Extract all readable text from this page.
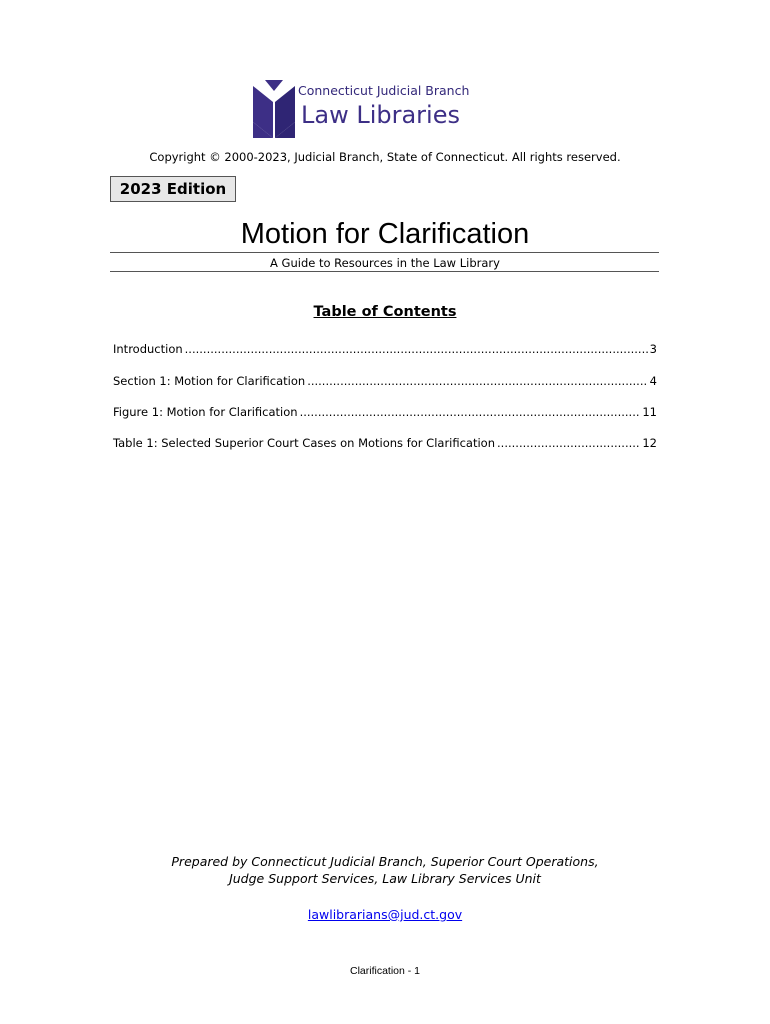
Connecticut Judicial Branch
Law Libraries
Copyright © 2000-2023, Judicial Branch, State of Connecticut. All rights reserved.
2023 Edition
Motion for Clarification
A Guide to Resources in the Law Library
Table of Contents
Introduction .....	3
Section 1: Motion for Clarification .....	4
Figure 1: Motion for Clarification .....	11
Table 1: Selected Superior Court Cases on Motions for Clarification .....	12
Prepared by Connecticut Judicial Branch, Superior Court Operations,
Judge Support Services, Law Library Services Unit
lawlibrarians@jud.ct.gov
Clarification - 1
